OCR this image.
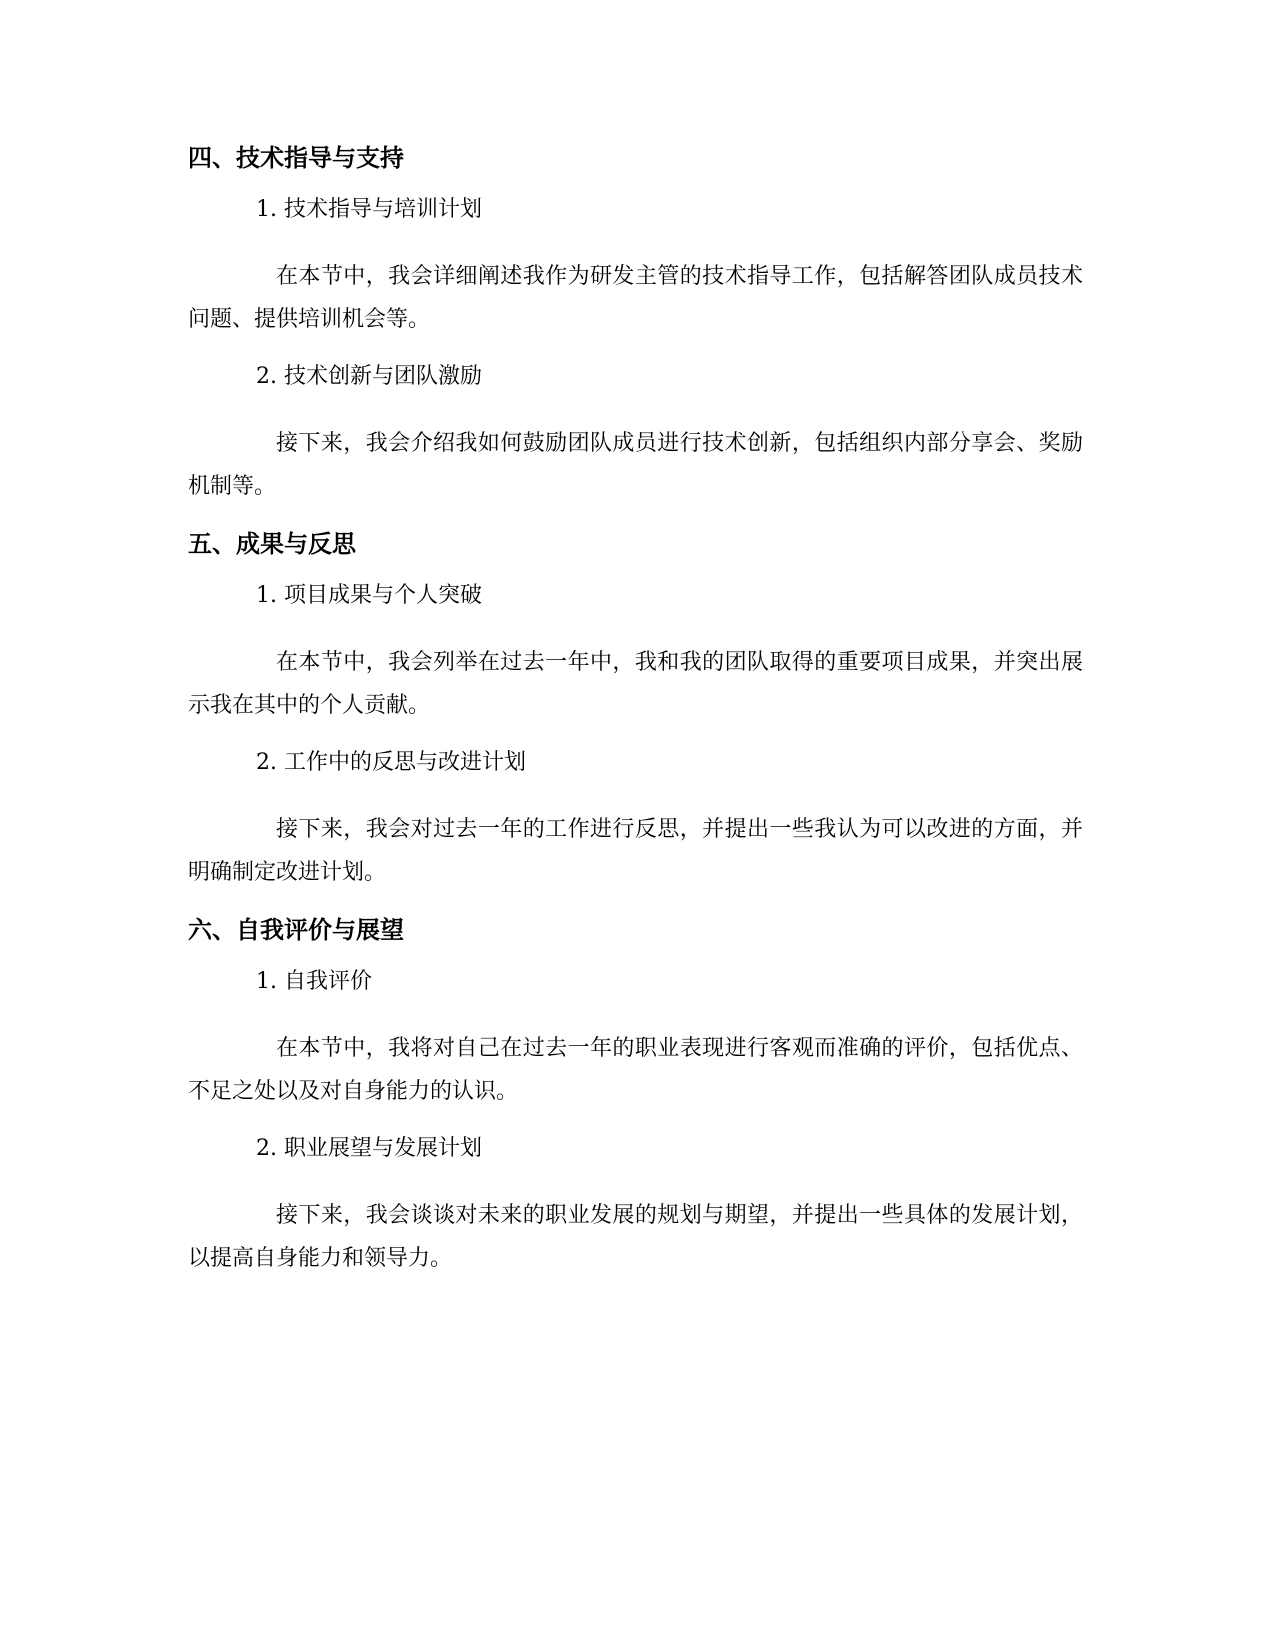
四、技术指导与支持
1. 技术指导与培训计划

在本节中，我会详细阐述我作为研发主管的技术指导工作，包括解答团队成员技术问题、提供培训机会等。

2. 技术创新与团队激励

接下来，我会介绍我如何鼓励团队成员进行技术创新，包括组织内部分享会、奖励机制等。

五、成果与反思
1. 项目成果与个人突破

在本节中，我会列举在过去一年中，我和我的团队取得的重要项目成果，并突出展示我在其中的个人贡献。

2. 工作中的反思与改进计划

接下来，我会对过去一年的工作进行反思，并提出一些我认为可以改进的方面，并明确制定改进计划。

六、自我评价与展望
1. 自我评价

在本节中，我将对自己在过去一年的职业表现进行客观而准确的评价，包括优点、不足之处以及对自身能力的认识。

2. 职业展望与发展计划

接下来，我会谈谈对未来的职业发展的规划与期望，并提出一些具体的发展计划，以提高自身能力和领导力。
